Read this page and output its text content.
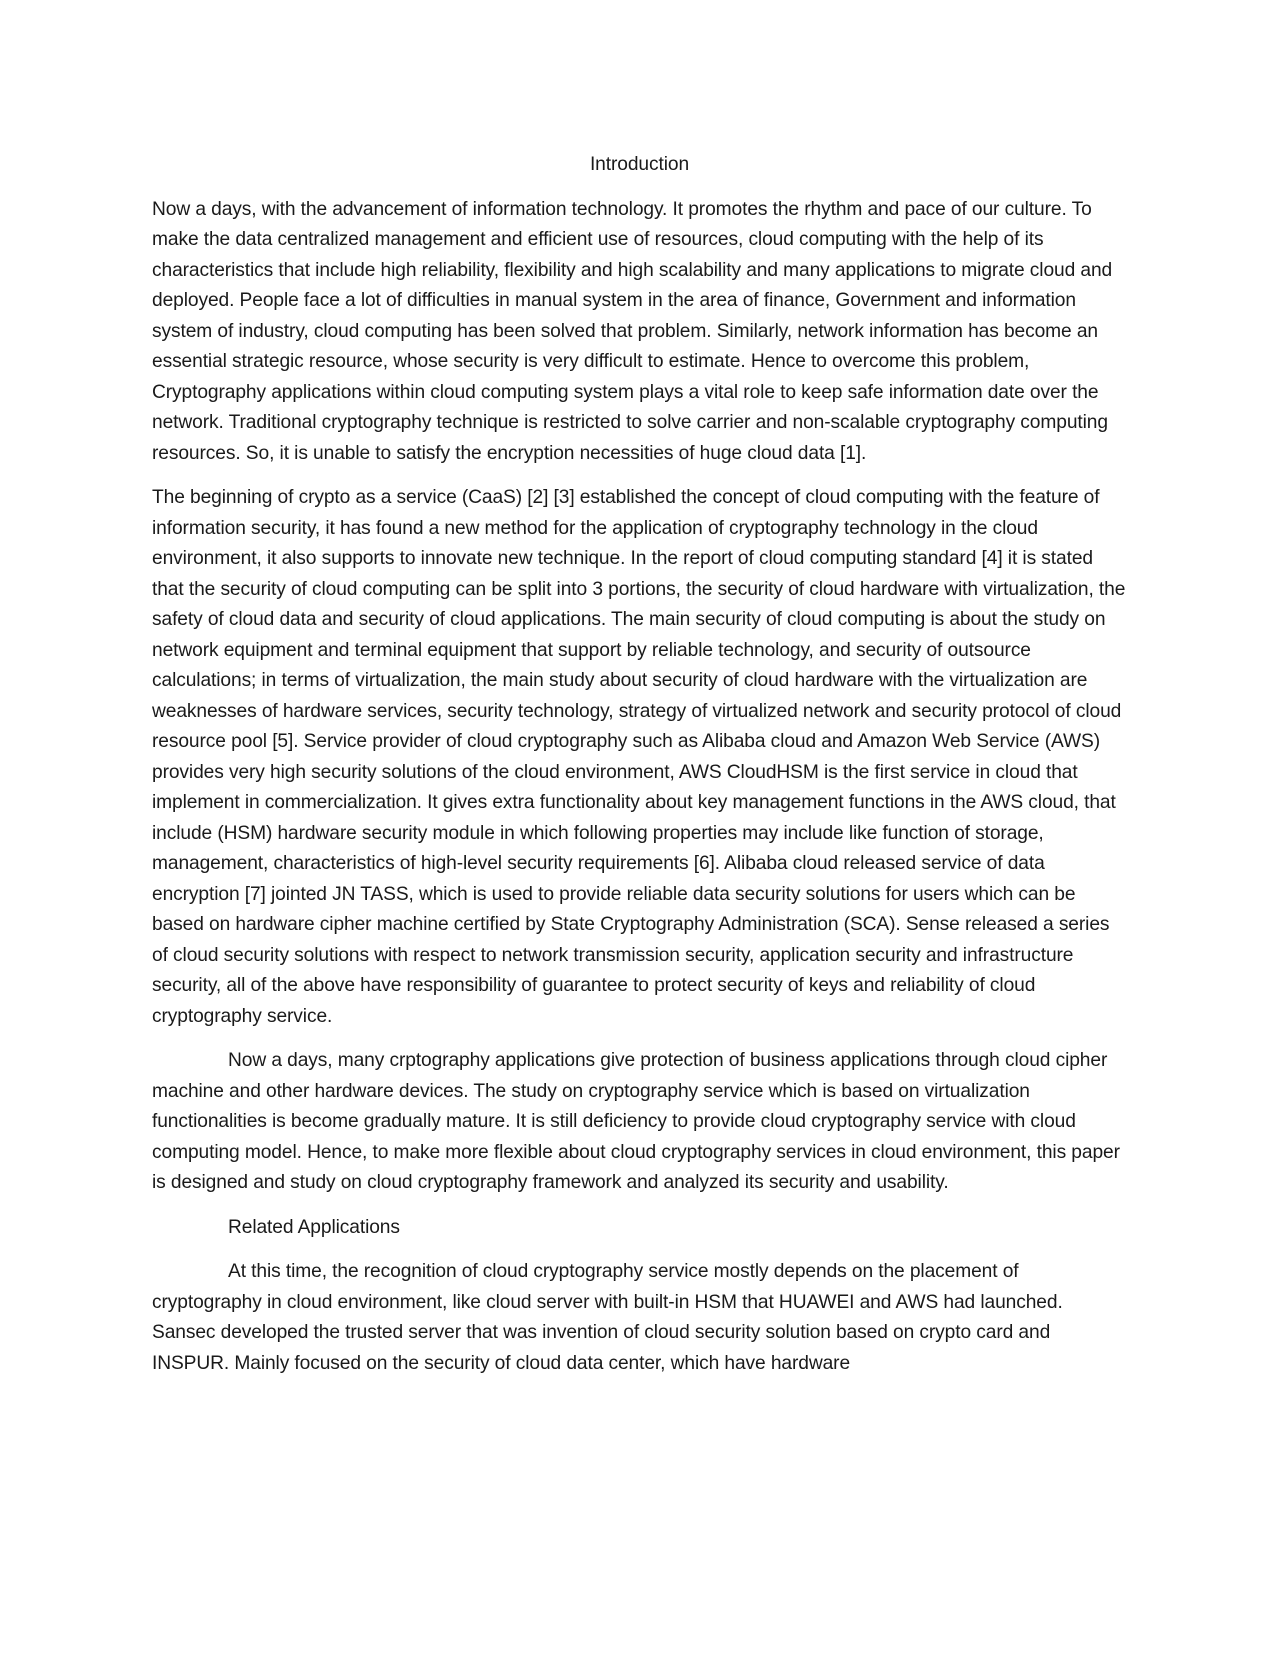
Introduction

Now a days, with the advancement of information technology. It promotes the rhythm and pace of our culture. To make the data centralized management and efficient use of resources, cloud computing with the help of its characteristics that include high reliability, flexibility and high scalability and many applications to migrate cloud and deployed. People face a lot of difficulties in manual system in the area of finance, Government and information system of industry, cloud computing has been solved that problem. Similarly, network information has become an essential strategic resource, whose security is very difficult to estimate. Hence to overcome this problem, Cryptography applications within cloud computing system plays a vital role to keep safe information date over the network. Traditional cryptography technique is restricted to solve carrier and non-scalable cryptography computing resources. So, it is unable to satisfy the encryption necessities of huge cloud data [1].

The beginning of crypto as a service (CaaS) [2] [3] established the concept of cloud computing with the feature of information security, it has found a new method for the application of cryptography technology in the cloud environment, it also supports to innovate new technique. In the report of cloud computing standard [4] it is stated that the security of cloud computing can be split into 3 portions, the security of cloud hardware with virtualization, the safety of cloud data and security of cloud applications. The main security of cloud computing is about the study on network equipment and terminal equipment that support by reliable technology, and security of outsource calculations; in terms of virtualization, the main study about security of cloud hardware with the virtualization are weaknesses of hardware services, security technology, strategy of virtualized network and security protocol of cloud resource pool [5]. Service provider of cloud cryptography such as Alibaba cloud and Amazon Web Service (AWS) provides very high security solutions of the cloud environment, AWS CloudHSM is the first service in cloud that implement in commercialization. It gives extra functionality about key management functions in the AWS cloud, that include (HSM) hardware security module in which following properties may include like function of storage, management, characteristics of high-level security requirements [6]. Alibaba cloud released service of data encryption [7] jointed JN TASS, which is used to provide reliable data security solutions for users which can be based on hardware cipher machine certified by State Cryptography Administration (SCA). Sense released a series of cloud security solutions with respect to network transmission security, application security and infrastructure security, all of the above have responsibility of guarantee to protect security of keys and reliability of cloud cryptography service.

Now a days, many crptography applications give protection of business applications through cloud cipher machine and other hardware devices. The study on cryptography service which is based on virtualization functionalities is become gradually mature. It is still deficiency to provide cloud cryptography service with cloud computing model. Hence, to make more flexible about cloud cryptography services in cloud environment, this paper is designed and study on cloud cryptography framework and analyzed its security and usability.

Related Applications

At this time, the recognition of cloud cryptography service mostly depends on the placement of cryptography in cloud environment, like cloud server with built-in HSM that HUAWEI and AWS had launched. Sansec developed the trusted server that was invention of cloud security solution based on crypto card and INSPUR. Mainly focused on the security of cloud data center, which have hardware
